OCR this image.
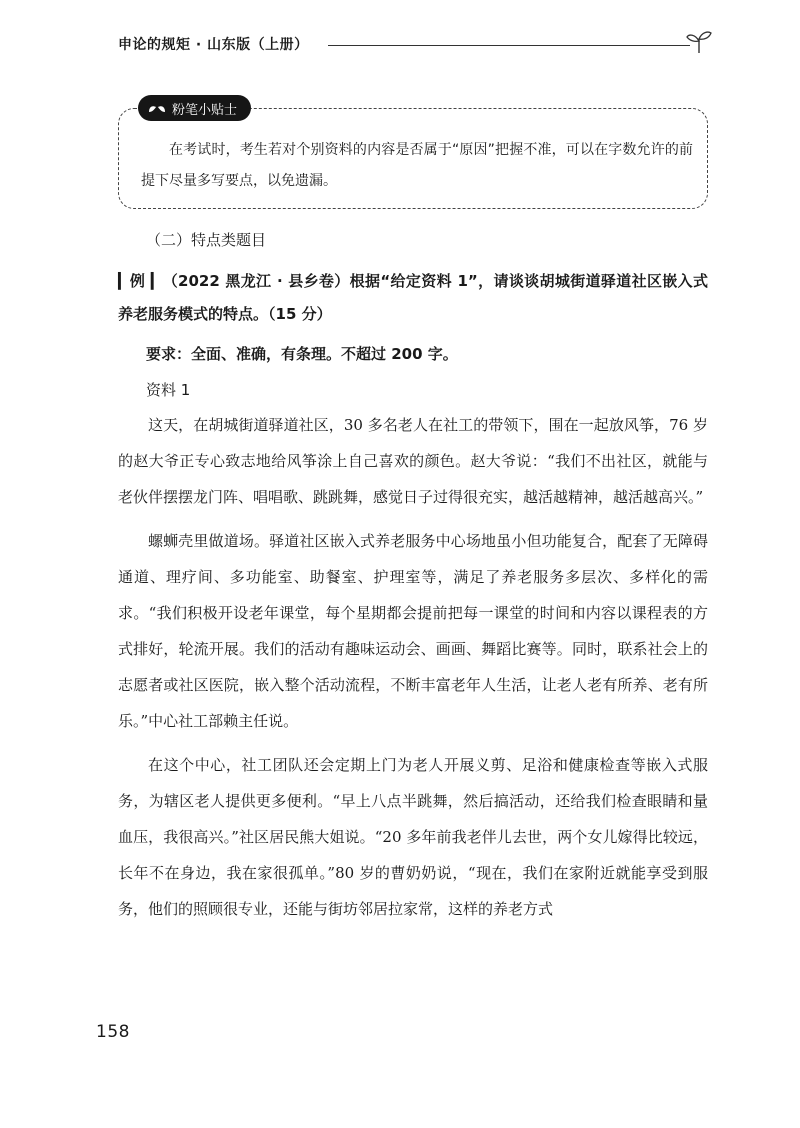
申论的规矩 · 山东版（上册）
粉笔小贴士
在考试时，考生若对个别资料的内容是否属于“原因”把握不准，可以在字数允许的前提下尽量多写要点，以免遗漏。
（二）特点类题目

▎例 ▎（2022 黑龙江 · 县乡卷）根据“给定资料 1”，请谈谈胡城街道驿道社区嵌入式养老服务模式的特点。（15 分）

要求：全面、准确，有条理。不超过 200 字。
资料 1

这天，在胡城街道驿道社区，30 多名老人在社工的带领下，围在一起放风筝，76 岁的赵大爷正专心致志地给风筝涂上自己喜欢的颜色。赵大爷说：“我们不出社区，就能与老伙伴摆摆龙门阵、唱唱歌、跳跳舞，感觉日子过得很充实，越活越精神，越活越高兴。”

螺蛳壳里做道场。驿道社区嵌入式养老服务中心场地虽小但功能复合，配套了无障碍通道、理疗间、多功能室、助餐室、护理室等，满足了养老服务多层次、多样化的需求。“我们积极开设老年课堂，每个星期都会提前把每一课堂的时间和内容以课程表的方式排好，轮流开展。我们的活动有趣味运动会、画画、舞蹈比赛等。同时，联系社会上的志愿者或社区医院，嵌入整个活动流程，不断丰富老年人生活，让老人老有所养、老有所乐。”中心社工部赖主任说。

在这个中心，社工团队还会定期上门为老人开展义剪、足浴和健康检查等嵌入式服务，为辖区老人提供更多便利。“早上八点半跳舞，然后搞活动，还给我们检查眼睛和量血压，我很高兴。”社区居民熊大姐说。“20 多年前我老伴儿去世，两个女儿嫁得比较远，长年不在身边，我在家很孤单。”80 岁的曹奶奶说，“现在，我们在家附近就能享受到服务，他们的照顾很专业，还能与街坊邻居拉家常，这样的养老方式

158
